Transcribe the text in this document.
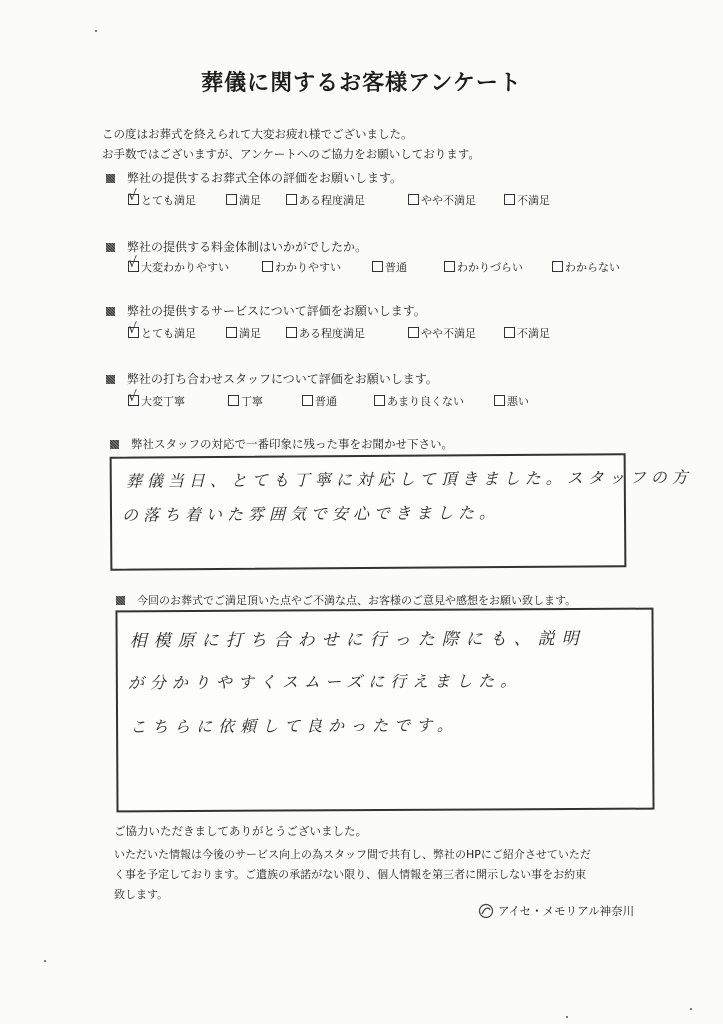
葬儀に関するお客様アンケート
この度はお葬式を終えられて大変お疲れ様でございました。
お手数ではございますが、アンケートへのご協力をお願いしております。
弊社の提供するお葬式全体の評価をお願いします。
√ とても満足	満足	ある程度満足	やや不満足	不満足
弊社の提供する料金体制はいかがでしたか。
√ 大変わかりやすい	わかりやすい	普通	わかりづらい	わからない
弊社の提供するサービスについて評価をお願いします。
√ とても満足	満足	ある程度満足	やや不満足	不満足
弊社の打ち合わせスタッフについて評価をお願いします。
√ 大変丁寧	丁寧	普通	あまり良くない	悪い
弊社スタッフの対応で一番印象に残った事をお聞かせ下さい。
葬儀当日、とても丁寧に対応して頂きました。スタッフの方
の落ち着いた雰囲気で安心できました。
今回のお葬式でご満足頂いた点やご不満な点、お客様のご意見や感想をお願い致します。
相模原に打ち合わせに行った際にも、説明
が分かりやすくスムーズに行えました。
こちらに依頼して良かったです。
ご協力いただきましてありがとうございました。
いただいた情報は今後のサービス向上の為スタッフ間で共有し、弊社のHPにご紹介させていただ
く事を予定しております。ご遺族の承諾がない限り、個人情報を第三者に開示しない事をお約束
致します。
アイセ・メモリアル神奈川
